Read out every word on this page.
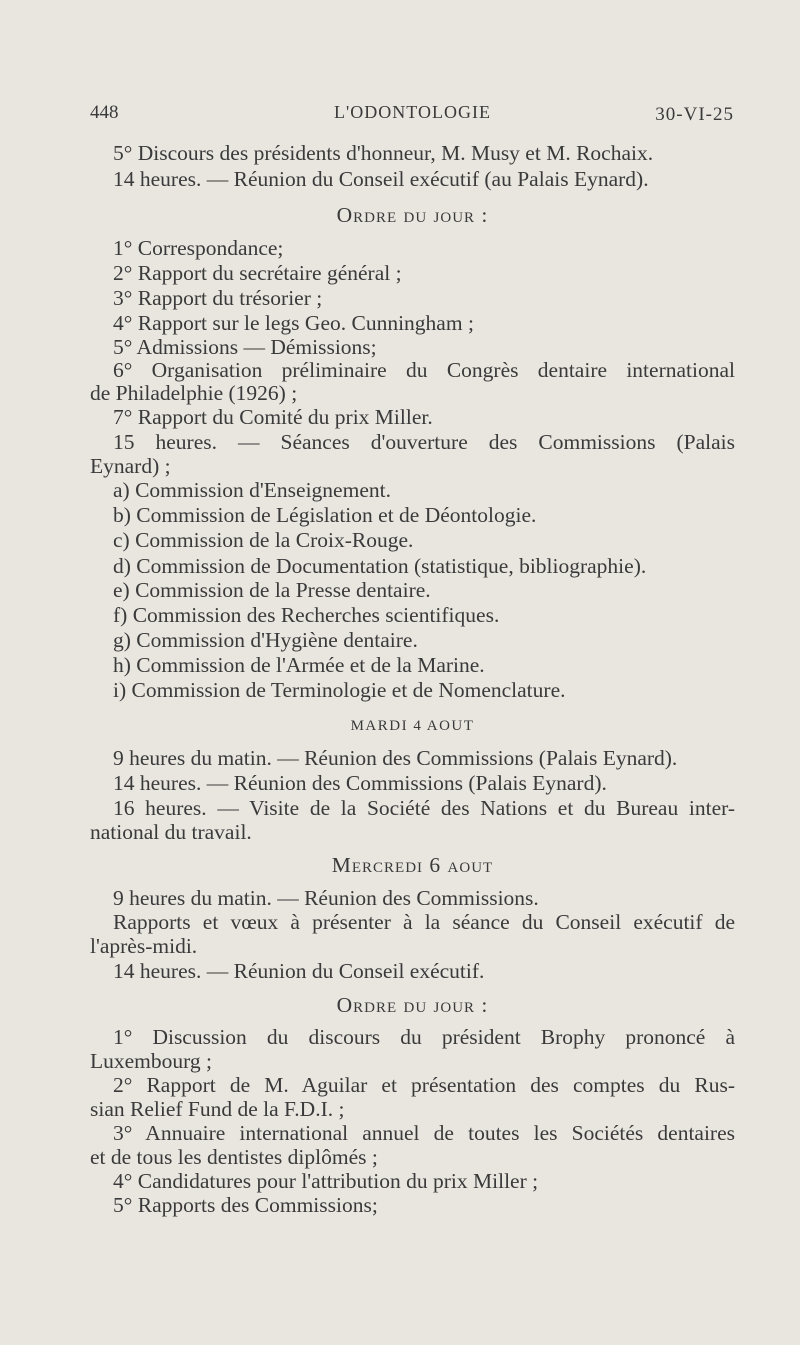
448	L'ODONTOLOGIE	30-VI-25
5° Discours des présidents d'honneur, M. Musy et M. Rochaix.
14 heures. — Réunion du Conseil exécutif (au Palais Eynard).
Ordre du jour :
1° Correspondance;
2° Rapport du secrétaire général ;
3° Rapport du trésorier ;
4° Rapport sur le legs Geo. Cunningham ;
5° Admissions — Démissions;
6° Organisation préliminaire du Congrès dentaire international
de Philadelphie (1926) ;
7° Rapport du Comité du prix Miller.
15 heures. — Séances d'ouverture des Commissions (Palais
Eynard) ;
a) Commission d'Enseignement.
b) Commission de Législation et de Déontologie.
c) Commission de la Croix-Rouge.
d) Commission de Documentation (statistique, bibliographie).
e) Commission de la Presse dentaire.
f) Commission des Recherches scientifiques.
g) Commission d'Hygiène dentaire.
h) Commission de l'Armée et de la Marine.
i) Commission de Terminologie et de Nomenclature.
MARDI 4 AOUT
9 heures du matin. — Réunion des Commissions (Palais Eynard).
14 heures. — Réunion des Commissions (Palais Eynard).
16 heures. — Visite de la Société des Nations et du Bureau inter-
national du travail.
Mercredi 6 aout
9 heures du matin. — Réunion des Commissions.
Rapports et vœux à présenter à la séance du Conseil exécutif de
l'après-midi.
14 heures. — Réunion du Conseil exécutif.
Ordre du jour :
1° Discussion du discours du président Brophy prononcé à
Luxembourg ;
2° Rapport de M. Aguilar et présentation des comptes du Rus-
sian Relief Fund de la F.D.I. ;
3° Annuaire international annuel de toutes les Sociétés dentaires
et de tous les dentistes diplômés ;
4° Candidatures pour l'attribution du prix Miller ;
5° Rapports des Commissions;
